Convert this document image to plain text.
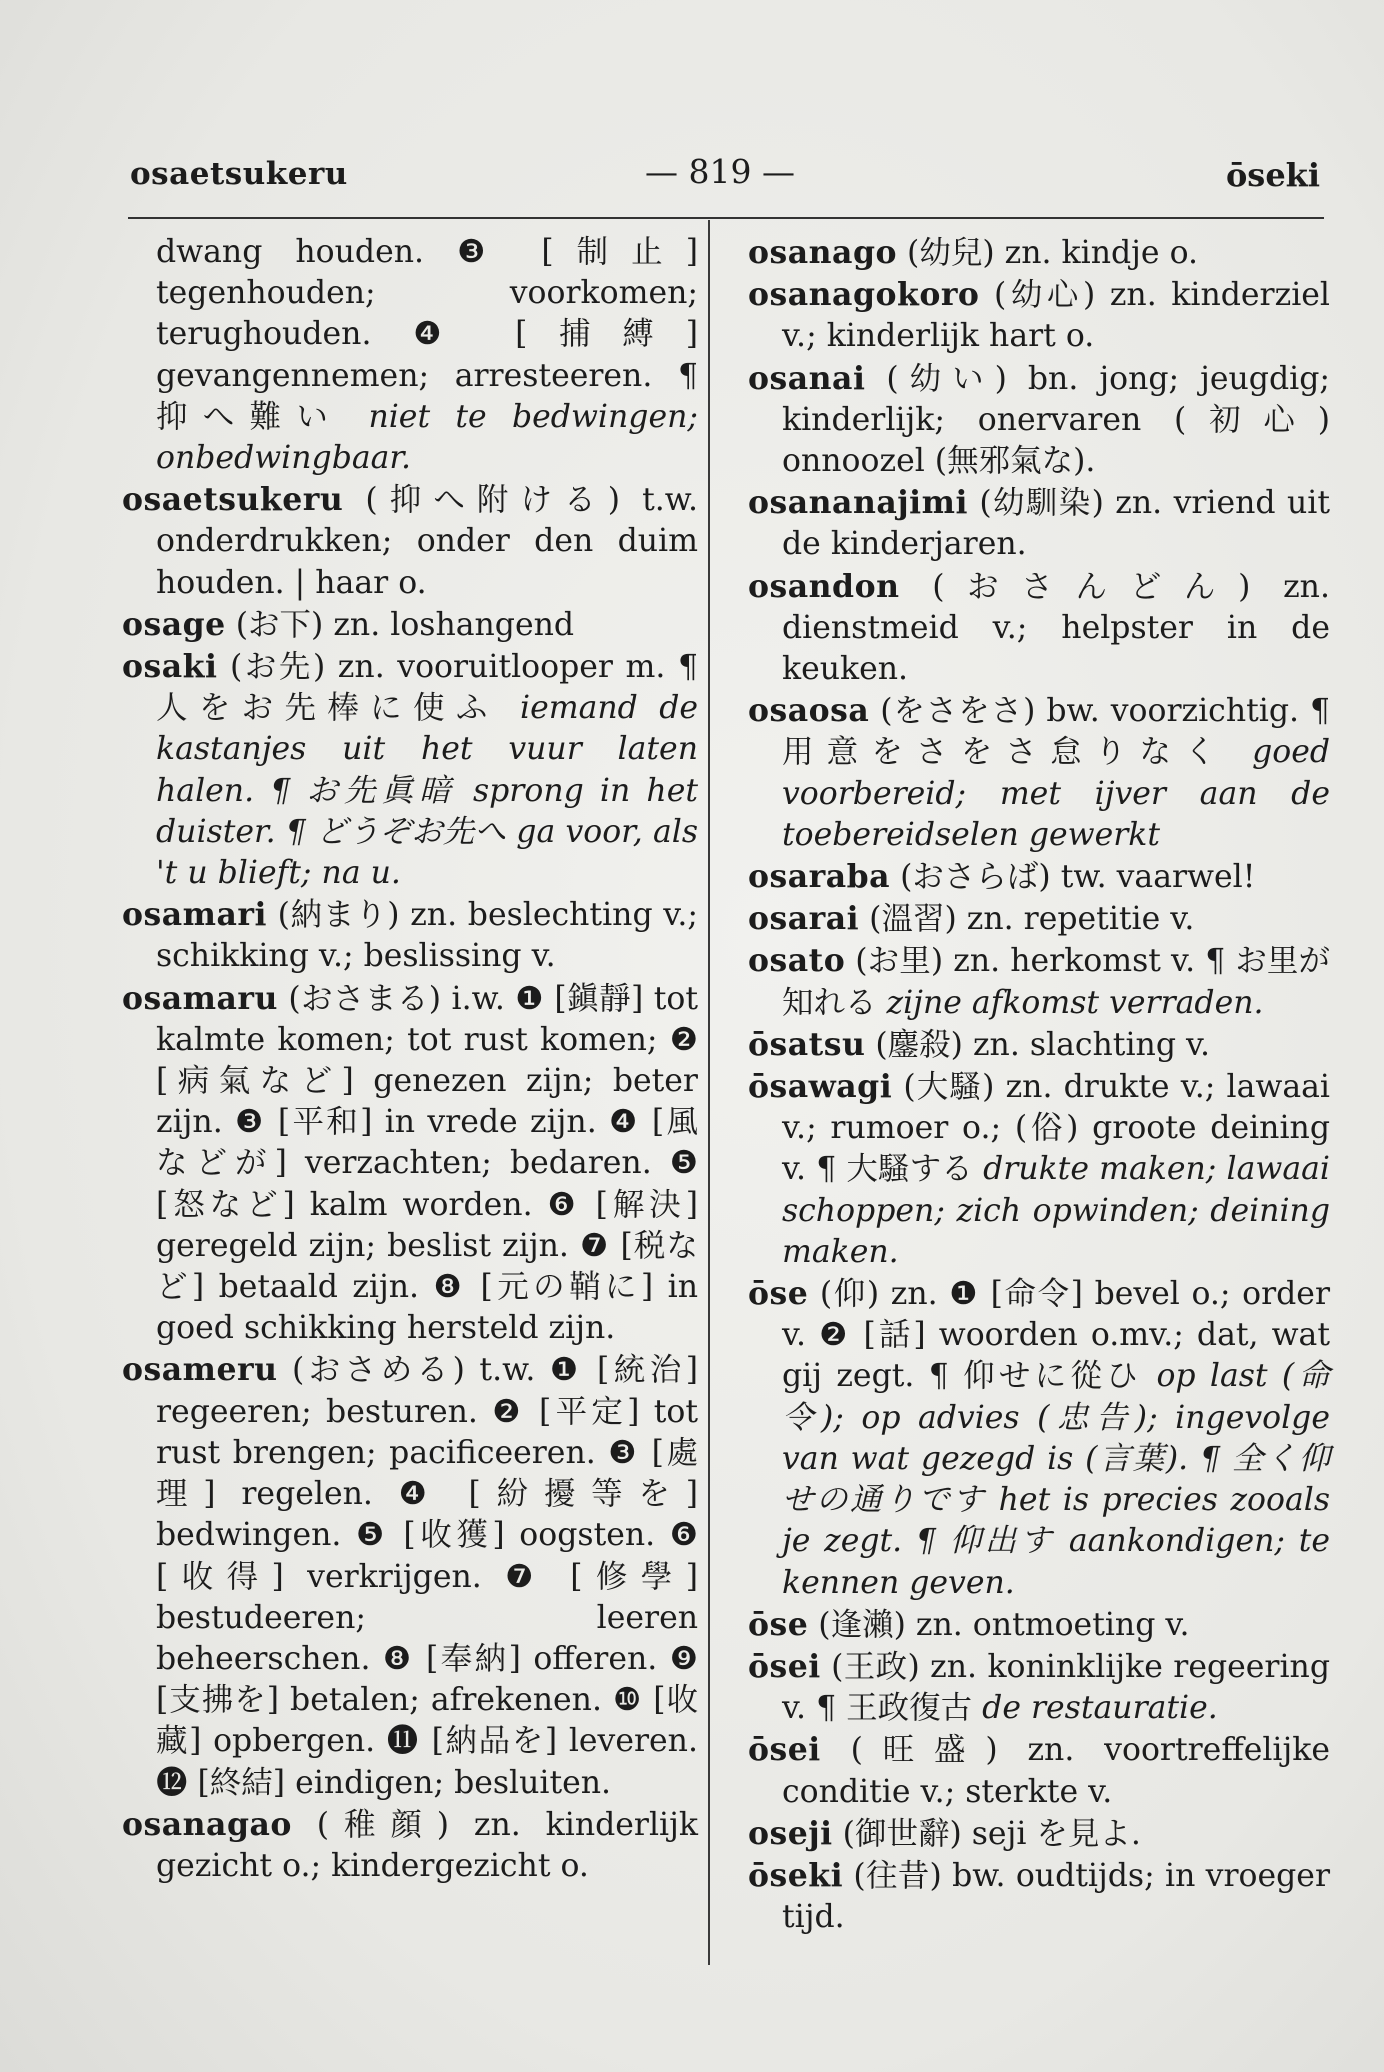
osaetsukeru	— 819 —	ōseki

dwang houden. ❸ [制止] tegenhouden; voorkomen; terughouden. ❹ [捕縛] gevangennemen; arresteeren. ¶抑へ難い niet te bedwingen; onbedwingbaar.

osaetsukeru (抑へ附ける) t.w. onderdrukken; onder den duim houden. | haar o.

osage (お下) zn. loshangend

osaki (お先) zn. vooruitlooper m. ¶ 人をお先棒に使ふ iemand de kastanjes uit het vuur laten halen. ¶ お先眞暗 sprong in het duister. ¶ どうぞお先へ ga voor, als 't u blieft; na u.

osamari (納まり) zn. beslechting v.; schikking v.; beslissing v.

osamaru (おさまる) i.w. ❶ [鎭靜] tot kalmte komen; tot rust komen; ❷ [病氣など] genezen zijn; beter zijn. ❸ [平和] in vrede zijn. ❹ [風などが] verzachten; bedaren. ❺ [怒など] kalm worden. ❻ [解決] geregeld zijn; beslist zijn. ❼ [税など] betaald zijn. ❽ [元の鞘に] in goed schikking hersteld zijn.

osameru (おさめる) t.w. ❶ [統治] regeeren; besturen. ❷ [平定] tot rust brengen; pacificeeren. ❸ [處理] regelen. ❹ [紛擾等を] bedwingen. ❺ [收獲] oogsten. ❻ [收得] verkrijgen. ❼ [修學] bestudeeren; leeren beheerschen. ❽ [奉納] offeren. ❾ [支拂を] betalen; afrekenen. ❿ [收藏] opbergen. ⓫ [納品を] leveren. ⓬ [終結] eindigen; besluiten.

osanagao (稚顔) zn. kinderlijk gezicht o.; kindergezicht o.

osanago (幼兒) zn. kindje o.

osanagokoro (幼心) zn. kinderziel v.; kinderlijk hart o.

osanai (幼い) bn. jong; jeugdig; kinderlijk; onervaren (初心) onnoozel (無邪氣な).

osananajimi (幼馴染) zn. vriend uit de kinderjaren.

osandon (おさんどん) zn. dienstmeid v.; helpster in de keuken.

osaosa (をさをさ) bw. voorzichtig. ¶ 用意をさをさ怠りなく goed voorbereid; met ijver aan de toebereidselen gewerkt

osaraba (おさらば) tw. vaarwel!

osarai (溫習) zn. repetitie v.

osato (お里) zn. herkomst v. ¶ お里が知れる zijne afkomst verraden.

ōsatsu (鏖殺) zn. slachting v.

ōsawagi (大騷) zn. drukte v.; lawaai v.; rumoer o.; (俗) groote deining v. ¶ 大騷する drukte maken; lawaai schoppen; zich opwinden; deining maken.

ōse (仰) zn. ❶ [命令] bevel o.; order v. ❷ [話] woorden o.mv.; dat, wat gij zegt. ¶ 仰せに從ひ op last (命令); op advies (忠告); ingevolge van wat gezegd is (言葉). ¶ 全く仰せの通りです het is precies zooals je zegt. ¶ 仰出す aankondigen; te kennen geven.

ōse (逢瀨) zn. ontmoeting v.

ōsei (王政) zn. koninklijke regeering v. ¶ 王政復古 de restauratie.

ōsei (旺盛) zn. voortreffelijke conditie v.; sterkte v.

oseji (御世辭) seji を見よ.

ōseki (往昔) bw. oudtijds; in vroeger tijd.
